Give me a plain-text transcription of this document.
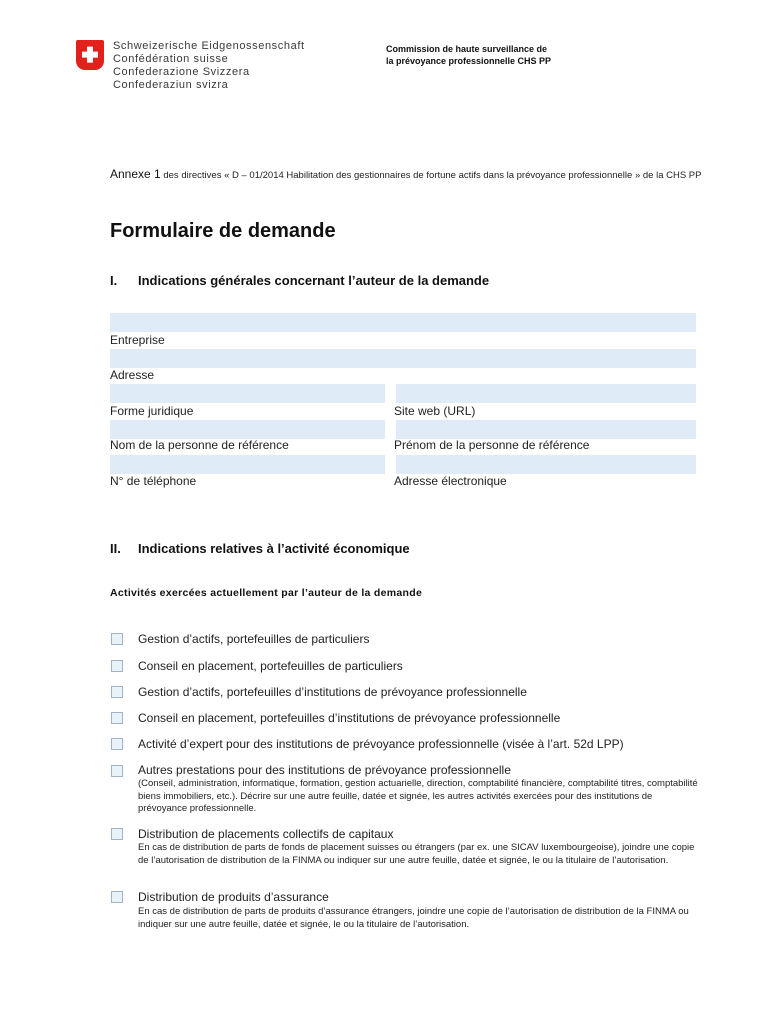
Schweizerische Eidgenossenschaft
Confédération suisse
Confederazione Svizzera
Confederaziun svizra
Commission de haute surveillance de
la prévoyance professionnelle CHS PP
Annexe 1 des directives « D – 01/2014 Habilitation des gestionnaires de fortune actifs dans la prévoyance professionnelle » de la CHS PP
Formulaire de demande
I. Indications générales concernant l’auteur de la demande
Entreprise
Adresse
Forme juridique	Site web (URL)
Nom de la personne de référence	Prénom de la personne de référence
N° de téléphone	Adresse électronique
II. Indications relatives à l’activité économique
Activités exercées actuellement par l’auteur de la demande
Gestion d’actifs, portefeuilles de particuliers
Conseil en placement, portefeuilles de particuliers
Gestion d’actifs, portefeuilles d’institutions de prévoyance professionnelle
Conseil en placement, portefeuilles d’institutions de prévoyance professionnelle
Activité d’expert pour des institutions de prévoyance professionnelle (visée à l’art. 52d LPP)
Autres prestations pour des institutions de prévoyance professionnelle
(Conseil, administration, informatique, formation, gestion actuarielle, direction, comptabilité financière, comptabilité titres, comptabilité biens immobiliers, etc.). Décrire sur une autre feuille, datée et signée, les autres activités exercées pour des institutions de prévoyance professionnelle.
Distribution de placements collectifs de capitaux
En cas de distribution de parts de fonds de placement suisses ou étrangers (par ex. une SICAV luxembourgeoise), joindre une copie de l’autorisation de distribution de la FINMA ou indiquer sur une autre feuille, datée et signée, le ou la titulaire de l’autorisation.
Distribution de produits d’assurance
En cas de distribution de parts de produits d’assurance étrangers, joindre une copie de l’autorisation de distribution de la FINMA ou indiquer sur une autre feuille, datée et signée, le ou la titulaire de l’autorisation.
